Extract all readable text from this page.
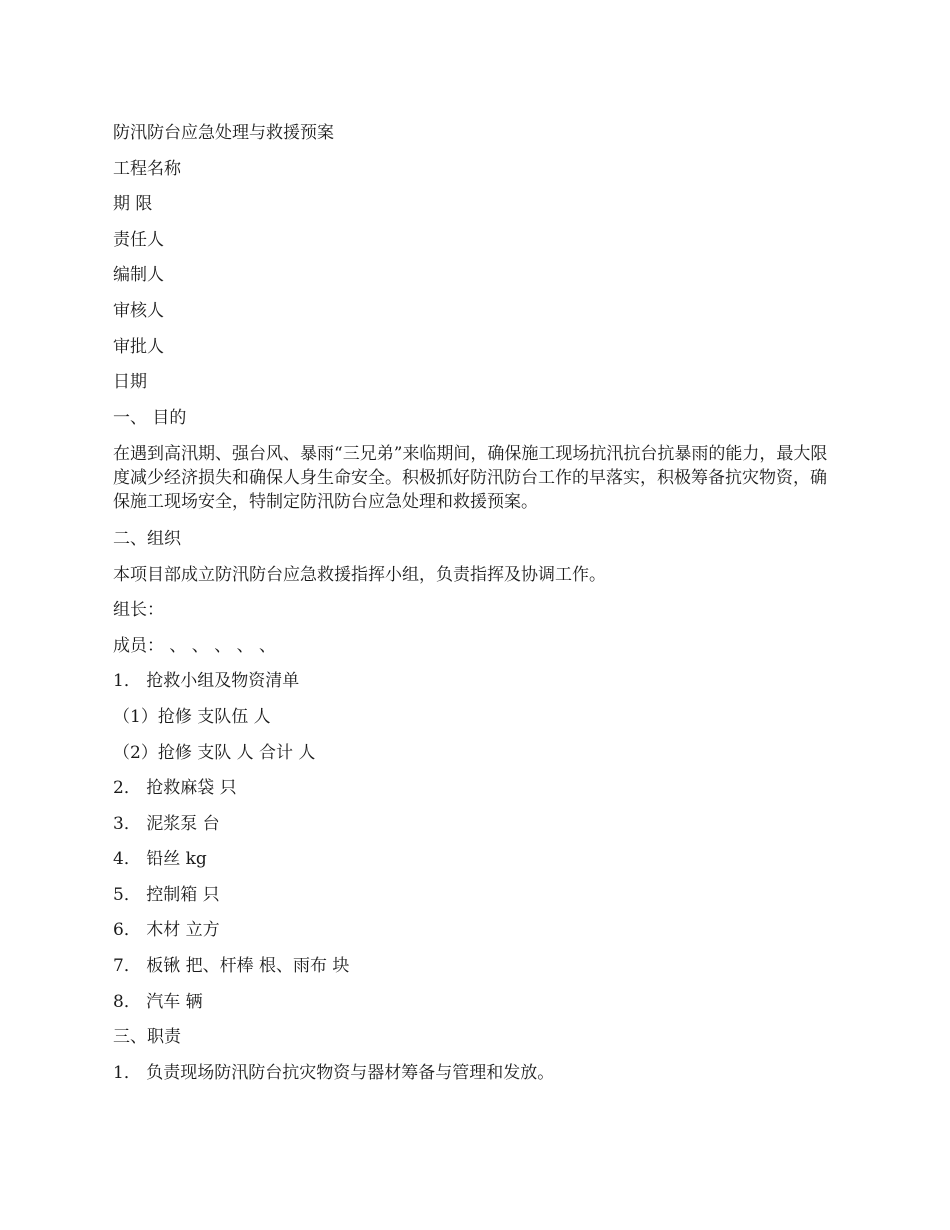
防汛防台应急处理与救援预案
工程名称
期 限
责任人
编制人
审核人
审批人
日期
一、 目的
在遇到高汛期、强台风、暴雨“三兄弟”来临期间，确保施工现场抗汛抗台抗暴雨的能力，最大限度减少经济损失和确保人身生命安全。积极抓好防汛防台工作的早落实，积极筹备抗灾物资，确保施工现场安全，特制定防汛防台应急处理和救援预案。
二、组织
本项目部成立防汛防台应急救援指挥小组，负责指挥及协调工作。
组长：
成员： 、 、 、 、 、
1． 抢救小组及物资清单
（1）抢修 支队伍 人
（2）抢修 支队 人 合计 人
2． 抢救麻袋 只
3． 泥浆泵 台
4． 铅丝 kg
5． 控制箱 只
6． 木材 立方
7． 板锹 把、杆棒 根、雨布 块
8． 汽车 辆
三、职责
1． 负责现场防汛防台抗灾物资与器材筹备与管理和发放。
